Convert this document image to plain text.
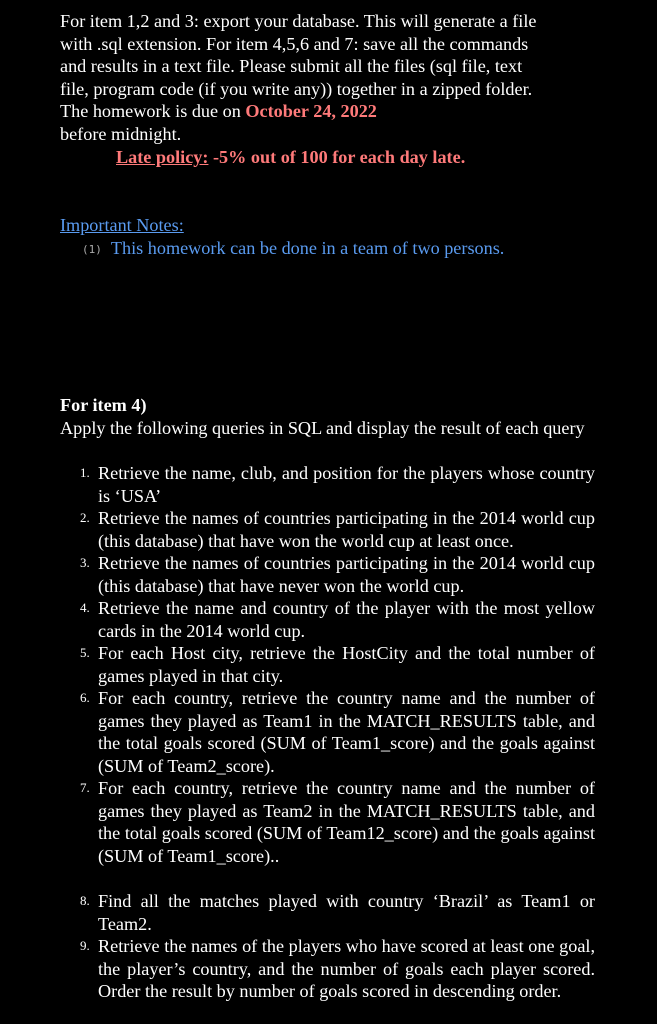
For item 1,2 and 3: export your database. This will generate a file with .sql extension. For item 4,5,6 and 7: save all the commands and results in a text file. Please submit all the files (sql file, text file, program code (if you write any)) together in a zipped folder. The homework is due on October 24, 2022
before midnight.

Late policy: -5% out of 100 for each day late.

Important Notes:

(1) This homework can be done in a team of two persons.

For item 4)

Apply the following queries in SQL and display the result of each query

1. Retrieve the name, club, and position for the players whose country is ‘USA’
2. Retrieve the names of countries participating in the 2014 world cup (this database) that have won the world cup at least once.
3. Retrieve the names of countries participating in the 2014 world cup (this database) that have never won the world cup.
4. Retrieve the name and country of the player with the most yellow cards in the 2014 world cup.
5. For each Host city, retrieve the HostCity and the total number of games played in that city.
6. For each country, retrieve the country name and the number of games they played as Team1 in the MATCH_RESULTS table, and the total goals scored (SUM of Team1_score) and the goals against (SUM of Team2_score).
7. For each country, retrieve the country name and the number of games they played as Team2 in the MATCH_RESULTS table, and the total goals scored (SUM of Team12_score) and the goals against (SUM of Team1_score)..
8. Find all the matches played with country ‘Brazil’ as Team1 or Team2.
9. Retrieve the names of the players who have scored at least one goal, the player’s country, and the number of goals each player scored. Order the result by number of goals scored in descending order.
